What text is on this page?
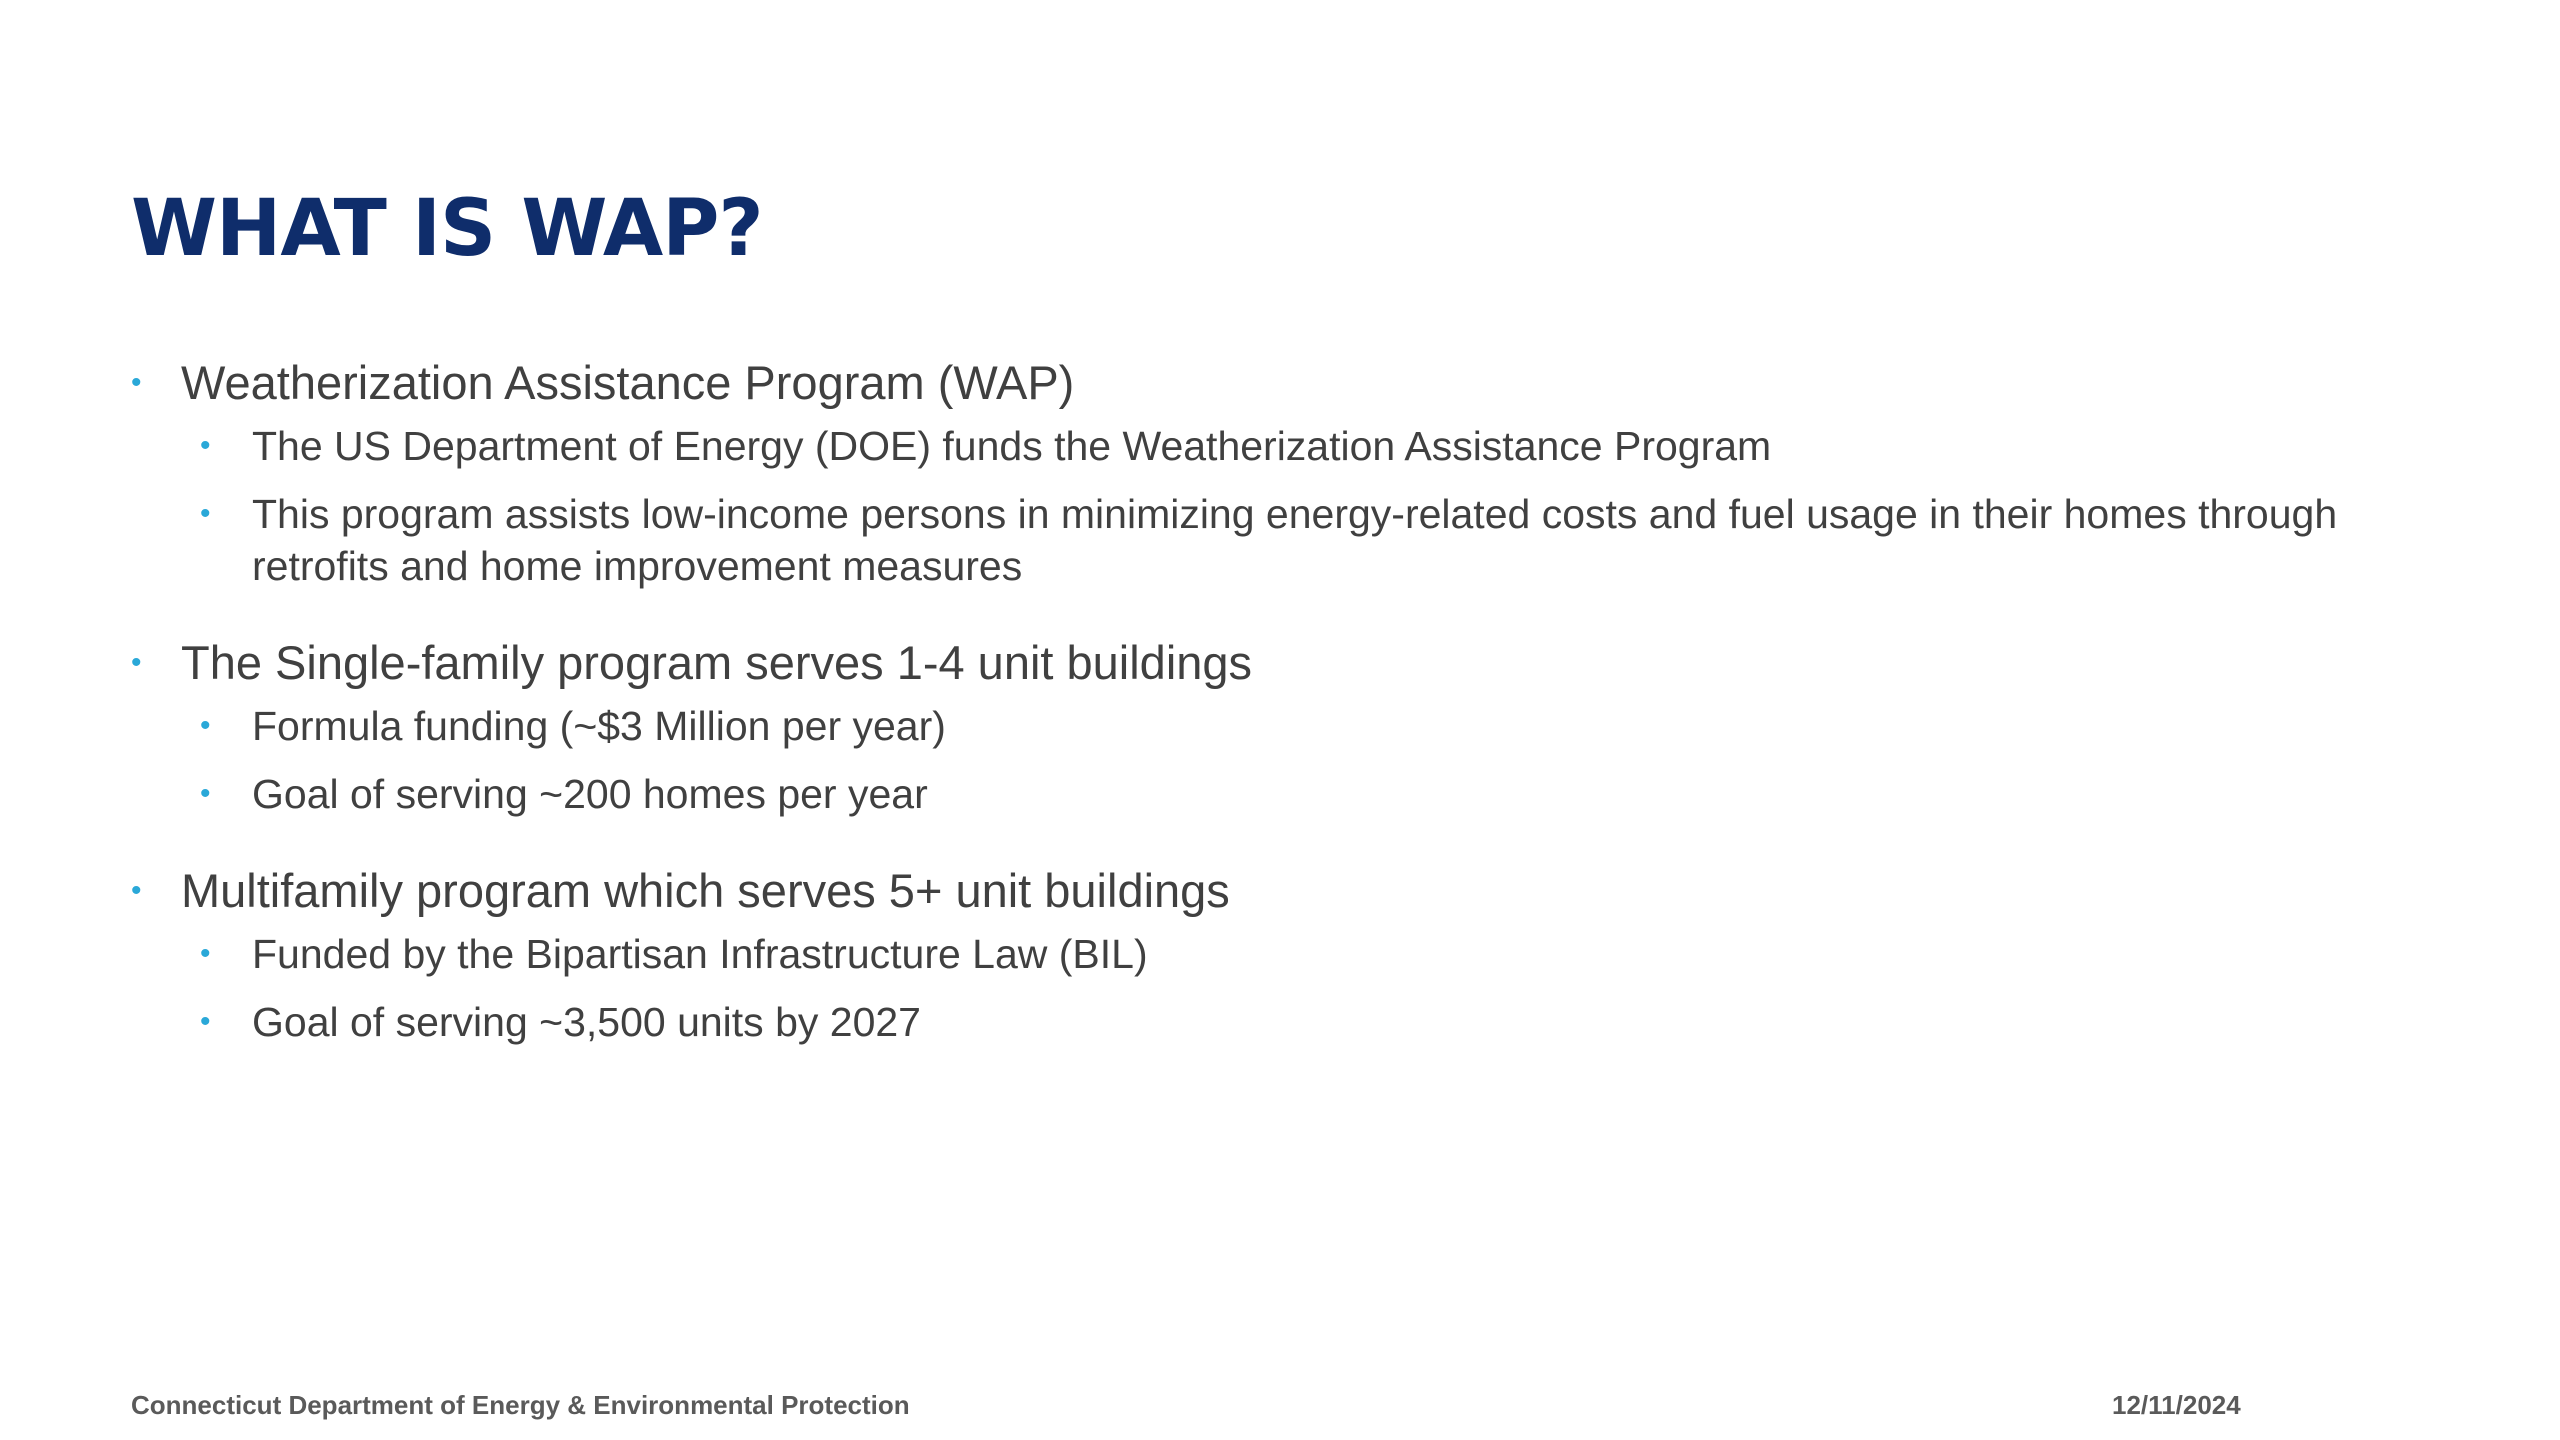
WHAT IS WAP?
• Weatherization Assistance Program (WAP)
• The US Department of Energy (DOE) funds the Weatherization Assistance Program
• This program assists low-income persons in minimizing energy-related costs and fuel usage in their homes through retrofits and home improvement measures
• The Single-family program serves 1-4 unit buildings
• Formula funding (~$3 Million per year)
• Goal of serving ~200 homes per year
• Multifamily program which serves 5+ unit buildings
• Funded by the Bipartisan Infrastructure Law (BIL)
• Goal of serving ~3,500 units by 2027
Connecticut Department of Energy & Environmental Protection	12/11/2024
